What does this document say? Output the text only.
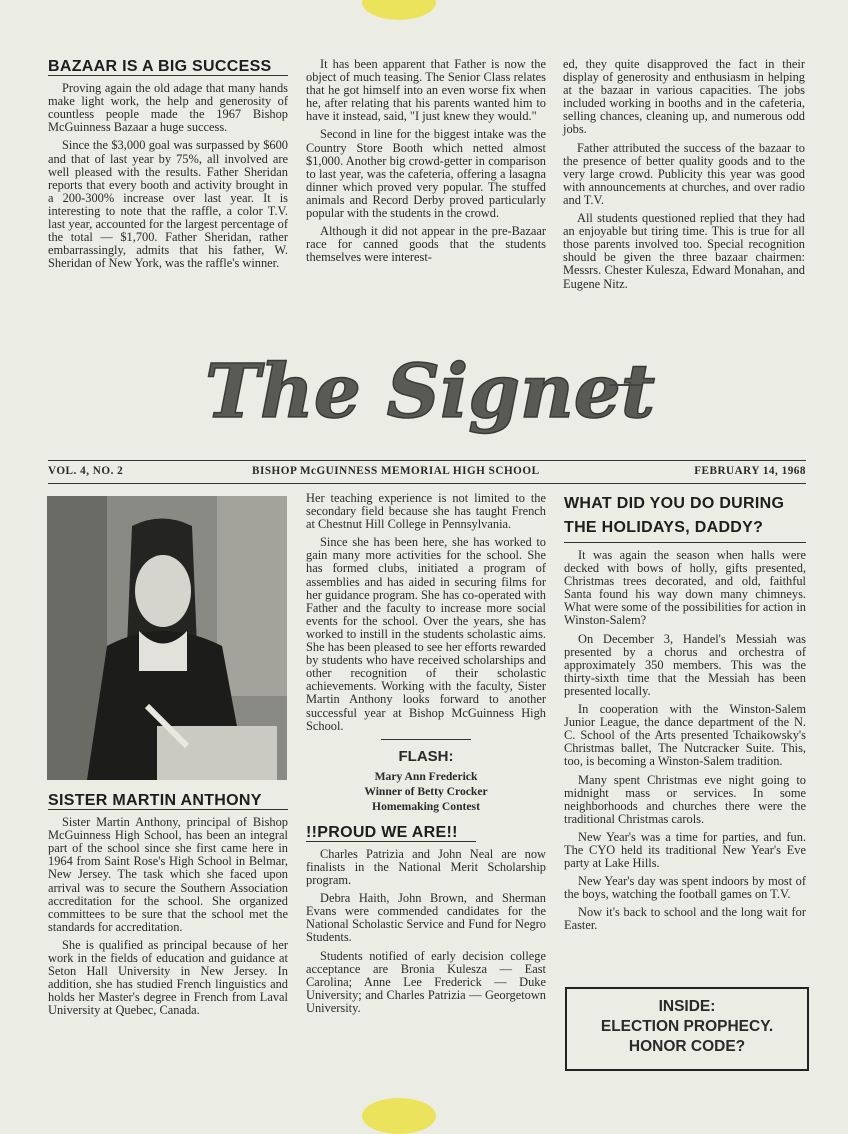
BAZAAR IS A BIG SUCCESS

Proving again the old adage that many hands make light work, the help and generosity of countless people made the 1967 Bishop McGuinness Bazaar a huge success.

Since the $3,000 goal was surpassed by $600 and that of last year by 75%, all involved are well pleased with the results. Father Sheridan reports that every booth and activity brought in a 200-300% increase over last year. It is interesting to note that the raffle, a color T.V. last year, accounted for the largest percentage of the total — $1,700. Father Sheridan, rather embarrassingly, admits that his father, W. Sheridan of New York, was the raffle's winner.

It has been apparent that Father is now the object of much teasing. The Senior Class relates that he got himself into an even worse fix when he, after relating that his parents wanted him to have it instead, said, "I just knew they would."

Second in line for the biggest intake was the Country Store Booth which netted almost $1,000. Another big crowd-getter in comparison to last year, was the cafeteria, offering a lasagna dinner which proved very popular. The stuffed animals and Record Derby proved particularly popular with the students in the crowd.

Although it did not appear in the pre-Bazaar race for canned goods that the students themselves were interest-

ed, they quite disapproved the fact in their display of generosity and enthusiasm in helping at the bazaar in various capacities. The jobs included working in booths and in the cafeteria, selling chances, cleaning up, and numerous odd jobs.

Father attributed the success of the bazaar to the presence of better quality goods and to the very large crowd. Publicity this year was good with announcements at churches, and over radio and T.V.

All students questioned replied that they had an enjoyable but tiring time. This is true for all those parents involved too. Special recognition should be given the three bazaar chairmen: Messrs. Chester Kulesza, Edward Monahan, and Eugene Nitz.

The Signet
VOL. 4, NO. 2	BISHOP McGUINNESS MEMORIAL HIGH SCHOOL	FEBRUARY 14, 1968
SISTER MARTIN ANTHONY

Sister Martin Anthony, principal of Bishop McGuinness High School, has been an integral part of the school since she first came here in 1964 from Saint Rose's High School in Belmar, New Jersey. The task which she faced upon arrival was to secure the Southern Association accreditation for the school. She organized committees to be sure that the school met the standards for accreditation.

She is qualified as principal because of her work in the fields of education and guidance at Seton Hall University in New Jersey. In addition, she has studied French linguistics and holds her Master's degree in French from Laval University at Quebec, Canada.

Her teaching experience is not limited to the secondary field because she has taught French at Chestnut Hill College in Pennsylvania.

Since she has been here, she has worked to gain many more activities for the school. She has formed clubs, initiated a program of assemblies and has aided in securing films for her guidance program. She has co-operated with Father and the faculty to increase more social events for the school. Over the years, she has worked to instill in the students scholastic aims. She has been pleased to see her efforts rewarded by students who have received scholarships and other recognition of their scholastic achievements. Working with the faculty, Sister Martin Anthony looks forward to another successful year at Bishop McGuinness High School.

FLASH:
Mary Ann Frederick
Winner of Betty Crocker
Homemaking Contest
!!PROUD WE ARE!!

Charles Patrizia and John Neal are now finalists in the National Merit Scholarship program.

Debra Haith, John Brown, and Sherman Evans were commended candidates for the National Scholastic Service and Fund for Negro Students.

Students notified of early decision college acceptance are Bronia Kulesza — East Carolina; Anne Lee Frederick — Duke University; and Charles Patrizia — Georgetown University.

WHAT DID YOU DO DURING
THE HOLIDAYS, DADDY?

It was again the season when halls were decked with bows of holly, gifts presented, Christmas trees decorated, and old, faithful Santa found his way down many chimneys. What were some of the possibilities for action in Winston-Salem?

On December 3, Handel's Messiah was presented by a chorus and orchestra of approximately 350 members. This was the thirty-sixth time that the Messiah has been presented locally.

In cooperation with the Winston-Salem Junior League, the dance department of the N. C. School of the Arts presented Tchaikowsky's Christmas ballet, The Nutcracker Suite. This, too, is becoming a Winston-Salem tradition.

Many spent Christmas eve night going to midnight mass or services. In some neighborhoods and churches there were the traditional Christmas carols.

New Year's was a time for parties, and fun. The CYO held its traditional New Year's Eve party at Lake Hills.

New Year's day was spent indoors by most of the boys, watching the football games on T.V.

Now it's back to school and the long wait for Easter.

INSIDE:
ELECTION PROPHECY.
HONOR CODE?
